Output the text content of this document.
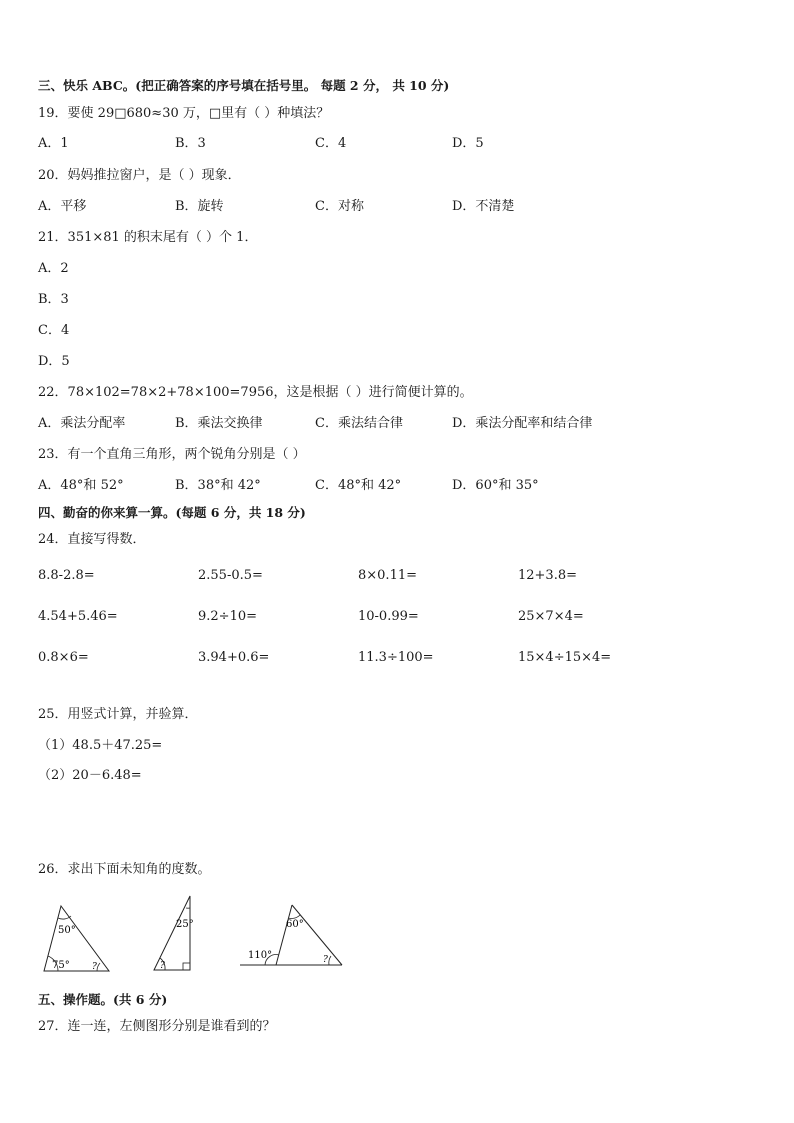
三、快乐 ABC。(把正确答案的序号填在括号里。 每题 2 分， 共 10 分)
19．要使 29□680≈30 万，□里有（ ）种填法？
A．1	B．3	C．4	D．5
20．妈妈推拉窗户，是（ ）现象．
A．平移	B．旋转	C．对称	D．不清楚
21．351×81 的积末尾有（ ）个 1．
A．2
B．3
C．4
D．5
22．78×102=78×2+78×100=7956，这是根据（ ）进行简便计算的。
A．乘法分配率	B．乘法交换律	C．乘法结合律	D．乘法分配率和结合律
23．有一个直角三角形，两个锐角分别是（ ）
A．48°和 52°	B．38°和 42°	C．48°和 42°	D．60°和 35°
四、勤奋的你来算一算。(每题 6 分，共 18 分)
24．直接写得数．
8.8-2.8=	2.55-0.5=	8×0.11=	12+3.8=
4.54+5.46=	9.2÷10=	10-0.99=	25×7×4=
0.8×6=	3.94+0.6=	11.3÷100=	15×4÷15×4=
25．用竖式计算，并验算．
（1）48.5＋47.25=
（2）20－6.48=
26．求出下面未知角的度数。
50°
75° ?
25°
?
60°
110°	?
五、操作题。(共 6 分)
27．连一连，左侧图形分别是谁看到的？
